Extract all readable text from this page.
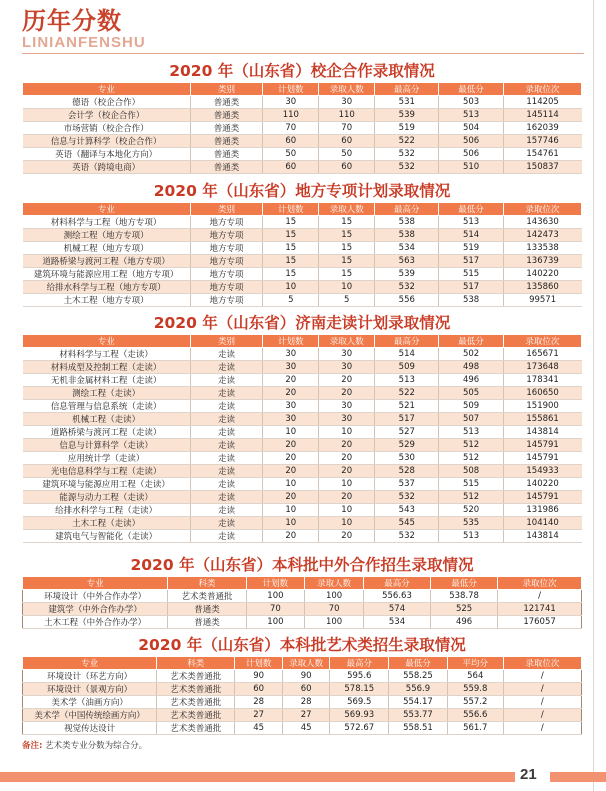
历年分数
LINIANFENSHU
2020 年（山东省）校企合作录取情况
专业	类别	计划数	录取人数	最高分	最低分	录取位次
德语（校企合作）	普通类	30	30	531	503	114205
会计学（校企合作）	普通类	110	110	539	513	145114
市场营销（校企合作）	普通类	70	70	519	504	162039
信息与计算科学（校企合作）	普通类	60	60	522	506	157746
英语（翻译与本地化方向）	普通类	50	50	532	506	154761
英语（跨境电商）	普通类	60	60	532	510	150837
2020 年（山东省）地方专项计划录取情况
专业	类别	计划数	录取人数	最高分	最低分	录取位次
材料科学与工程（地方专项）	地方专项	15	15	538	513	143630
测绘工程（地方专项）	地方专项	15	15	538	514	142473
机械工程（地方专项）	地方专项	15	15	534	519	133538
道路桥梁与渡河工程（地方专项）	地方专项	15	15	563	517	136739
建筑环境与能源应用工程（地方专项）	地方专项	15	15	539	515	140220
给排水科学与工程（地方专项）	地方专项	10	10	532	517	135860
土木工程（地方专项）	地方专项	5	5	556	538	99571
2020 年（山东省）济南走读计划录取情况
专业	类别	计划数	录取人数	最高分	最低分	录取位次
材料科学与工程（走读）	走读	30	30	514	502	165671
材料成型及控制工程（走读）	走读	30	30	509	498	173648
无机非金属材料工程（走读）	走读	20	20	513	496	178341
测绘工程（走读）	走读	20	20	522	505	160650
信息管理与信息系统（走读）	走读	30	30	521	509	151900
机械工程（走读）	走读	30	30	517	507	155861
道路桥梁与渡河工程（走读）	走读	10	10	527	513	143814
信息与计算科学（走读）	走读	20	20	529	512	145791
应用统计学（走读）	走读	20	20	530	512	145791
光电信息科学与工程（走读）	走读	20	20	528	508	154933
建筑环境与能源应用工程（走读）	走读	10	10	537	515	140220
能源与动力工程（走读）	走读	20	20	532	512	145791
给排水科学与工程（走读）	走读	10	10	543	520	131986
土木工程（走读）	走读	10	10	545	535	104140
建筑电气与智能化（走读）	走读	20	20	532	513	143814
2020 年（山东省）本科批中外合作招生录取情况
专业	科类	计划数	录取人数	最高分	最低分	录取位次
环境设计（中外合作办学）	艺术类普通批	100	100	556.63	538.78	/
建筑学（中外合作办学）	普通类	70	70	574	525	121741
土木工程（中外合作办学）	普通类	100	100	534	496	176057
2020 年（山东省）本科批艺术类招生录取情况
专业	科类	计划数	录取人数	最高分	最低分	平均分	录取位次
环境设计（环艺方向）	艺术类普通批	90	90	595.6	558.25	564	/
环境设计（景观方向）	艺术类普通批	60	60	578.15	556.9	559.8	/
美术学（油画方向）	艺术类普通批	28	28	569.5	554.17	557.2	/
美术学（中国传统绘画方向）	艺术类普通批	27	27	569.93	553.77	556.6	/
视觉传达设计	艺术类普通批	45	45	572.67	558.51	561.7	/
备注: 艺术类专业分数为综合分。
21
